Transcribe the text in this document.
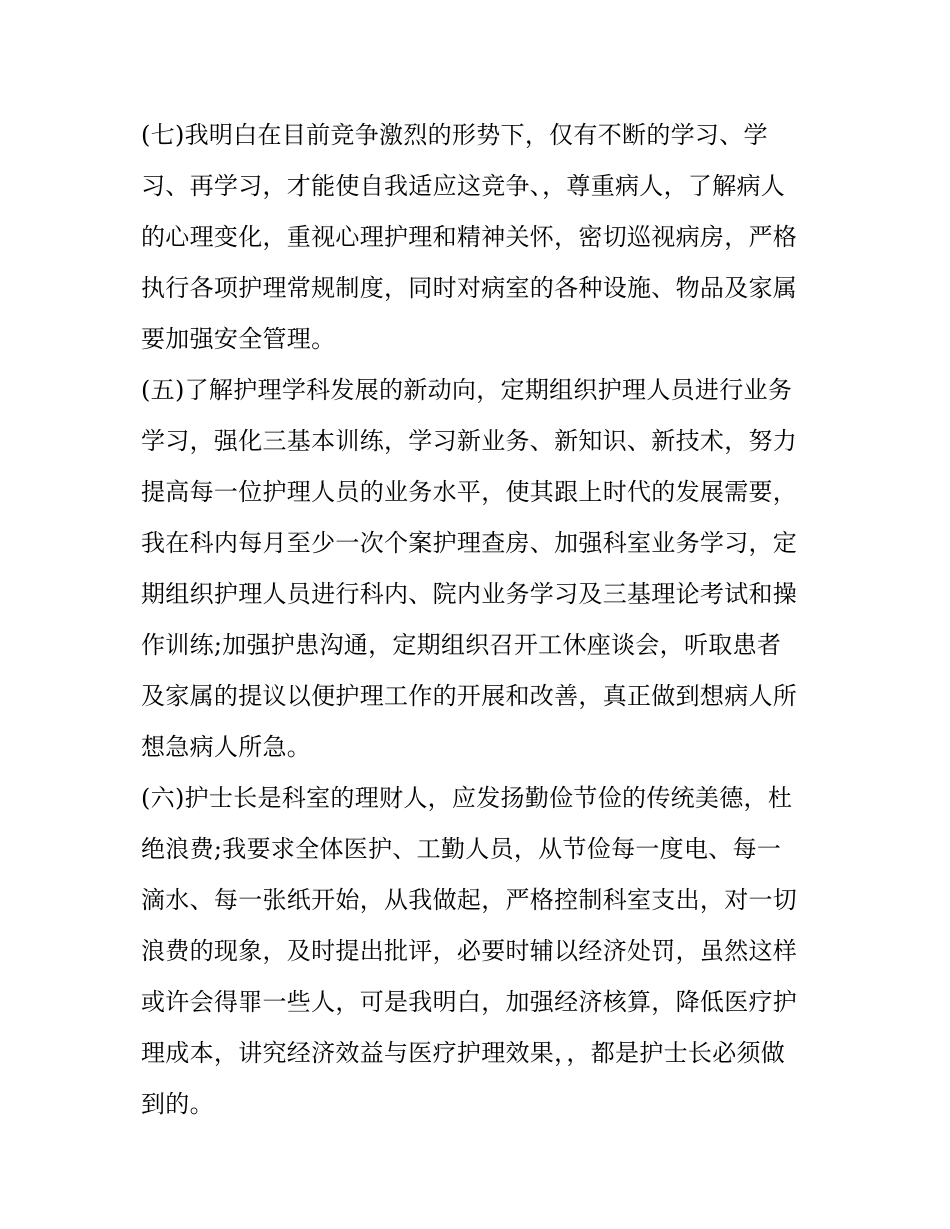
(七)我明白在目前竞争激烈的形势下，仅有不断的学习、学
习、再学习，才能使自我适应这竞争、，尊重病人，了解病人
的心理变化，重视心理护理和精神关怀，密切巡视病房，严格
执行各项护理常规制度，同时对病室的各种设施、物品及家属
要加强安全管理。
(五)了解护理学科发展的新动向，定期组织护理人员进行业务
学习，强化三基本训练，学习新业务、新知识、新技术，努力
提高每一位护理人员的业务水平，使其跟上时代的发展需要，
我在科内每月至少一次个案护理查房、加强科室业务学习，定
期组织护理人员进行科内、院内业务学习及三基理论考试和操
作训练;加强护患沟通，定期组织召开工休座谈会，听取患者
及家属的提议以便护理工作的开展和改善，真正做到想病人所
想急病人所急。
(六)护士长是科室的理财人，应发扬勤俭节俭的传统美德，杜
绝浪费;我要求全体医护、工勤人员，从节俭每一度电、每一
滴水、每一张纸开始，从我做起，严格控制科室支出，对一切
浪费的现象，及时提出批评，必要时辅以经济处罚，虽然这样
或许会得罪一些人，可是我明白，加强经济核算，降低医疗护
理成本，讲究经济效益与医疗护理效果，，都是护士长必须做
到的。
